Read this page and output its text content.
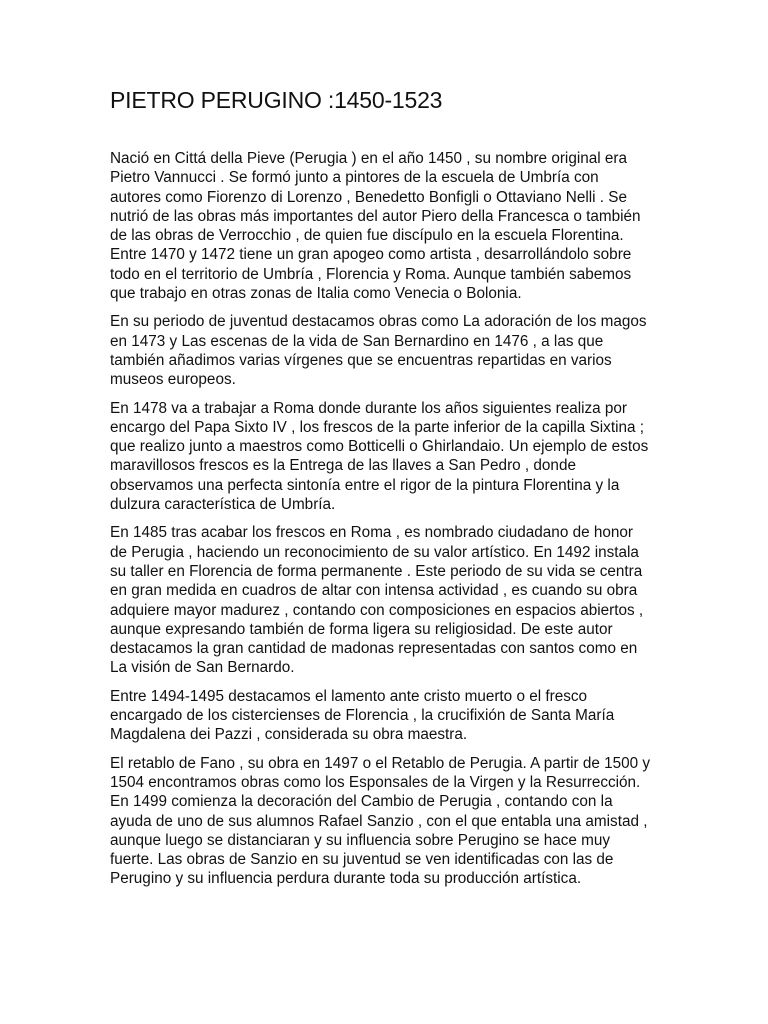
PIETRO PERUGINO :1450-1523

Nació en Cittá della Pieve (Perugia ) en el año 1450 , su nombre original era
Pietro Vannucci . Se formó junto a pintores de la escuela de Umbría con
autores como Fiorenzo di Lorenzo , Benedetto Bonfigli o Ottaviano Nelli . Se
nutrió de las obras más importantes del autor Piero della Francesca o también
de las obras de Verrocchio , de quien fue discípulo en la escuela Florentina.
Entre 1470 y 1472 tiene un gran apogeo como artista , desarrollándolo sobre
todo en el territorio de Umbría , Florencia y Roma. Aunque también sabemos
que trabajo en otras zonas de Italia como Venecia o Bolonia.

En su periodo de juventud destacamos obras como La adoración de los magos
en 1473 y Las escenas de la vida de San Bernardino en 1476 , a las que
también añadimos varias vírgenes que se encuentras repartidas en varios
museos europeos.

En 1478 va a trabajar a Roma donde durante los años siguientes realiza por
encargo del Papa Sixto IV , los frescos de la parte inferior de la capilla Sixtina ;
que realizo junto a maestros como Botticelli o Ghirlandaio. Un ejemplo de estos
maravillosos frescos es la Entrega de las llaves a San Pedro , donde
observamos una perfecta sintonía entre el rigor de la pintura Florentina y la
dulzura característica de Umbría.

En 1485 tras acabar los frescos en Roma , es nombrado ciudadano de honor
de Perugia , haciendo un reconocimiento de su valor artístico. En 1492 instala
su taller en Florencia de forma permanente . Este periodo de su vida se centra
en gran medida en cuadros de altar con intensa actividad , es cuando su obra
adquiere mayor madurez , contando con composiciones en espacios abiertos ,
aunque expresando también de forma ligera su religiosidad. De este autor
destacamos la gran cantidad de madonas representadas con santos como en
La visión de San Bernardo.

Entre 1494-1495 destacamos el lamento ante cristo muerto o el fresco
encargado de los cistercienses de Florencia , la crucifixión de Santa María
Magdalena dei Pazzi , considerada su obra maestra.

El retablo de Fano , su obra en 1497 o el Retablo de Perugia. A partir de 1500 y
1504 encontramos obras como los Esponsales de la Virgen y la Resurrección.
En 1499 comienza la decoración del Cambio de Perugia , contando con la
ayuda de uno de sus alumnos Rafael Sanzio , con el que entabla una amistad ,
aunque luego se distanciaran y su influencia sobre Perugino se hace muy
fuerte. Las obras de Sanzio en su juventud se ven identificadas con las de
Perugino y su influencia perdura durante toda su producción artística.
